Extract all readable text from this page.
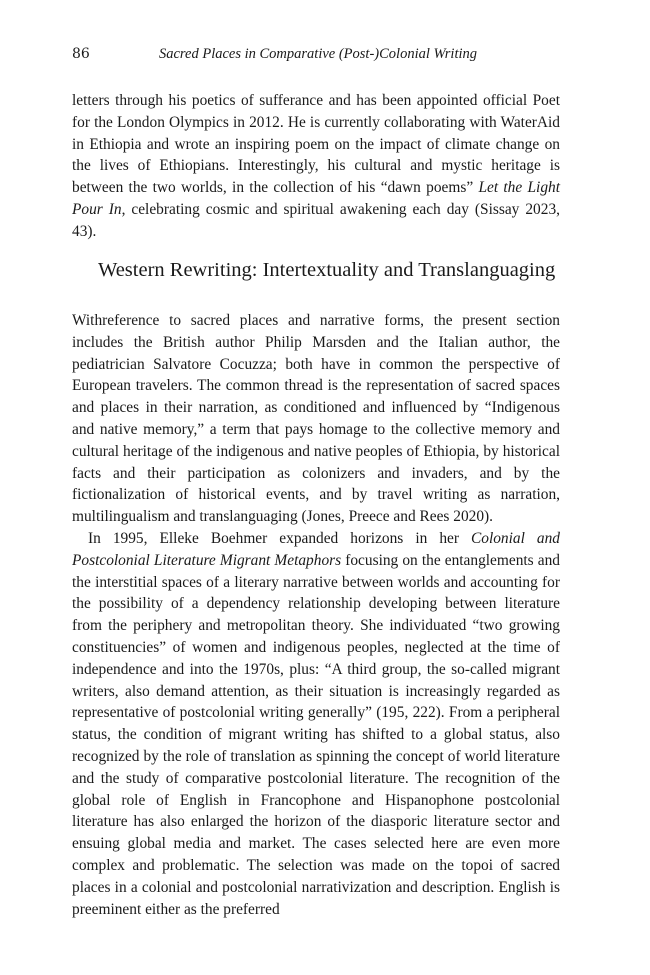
86	Sacred Places in Comparative (Post-)Colonial Writing

letters through his poetics of sufferance and has been appointed official Poet for the London Olympics in 2012. He is currently collaborating with WaterAid in Ethiopia and wrote an inspiring poem on the impact of climate change on the lives of Ethiopians. Interestingly, his cultural and mystic heritage is between the two worlds, in the collection of his “dawn poems” Let the Light Pour In, celebrating cosmic and spiritual awakening each day (Sissay 2023, 43).

Western Rewriting: Intertextuality and Translanguaging

Withreference to sacred places and narrative forms, the present section includes the British author Philip Marsden and the Italian author, the pediatrician Salvatore Cocuzza; both have in common the perspective of European travelers. The common thread is the representation of sacred spaces and places in their narration, as conditioned and influenced by “Indigenous and native memory,” a term that pays homage to the collective memory and cultural heritage of the indigenous and native peoples of Ethiopia, by historical facts and their participation as colonizers and invaders, and by the fictionalization of historical events, and by travel writing as narration, multilingualism and translanguaging (Jones, Preece and Rees 2020).

In 1995, Elleke Boehmer expanded horizons in her Colonial and Postcolonial Literature Migrant Metaphors focusing on the entanglements and the interstitial spaces of a literary narrative between worlds and accounting for the possibility of a dependency relationship developing between literature from the periphery and metropolitan theory. She individuated “two growing constituencies” of women and indigenous peoples, neglected at the time of independence and into the 1970s, plus: “A third group, the so-called migrant writers, also demand attention, as their situation is increasingly regarded as representative of postcolonial writing generally” (195, 222). From a peripheral status, the condition of migrant writing has shifted to a global status, also recognized by the role of translation as spinning the concept of world literature and the study of comparative postcolonial literature. The recognition of the global role of English in Francophone and Hispanophone postcolonial literature has also enlarged the horizon of the diasporic literature sector and ensuing global media and market. The cases selected here are even more complex and problematic. The selection was made on the topoi of sacred places in a colonial and postcolonial narrativization and description. English is preeminent either as the preferred
